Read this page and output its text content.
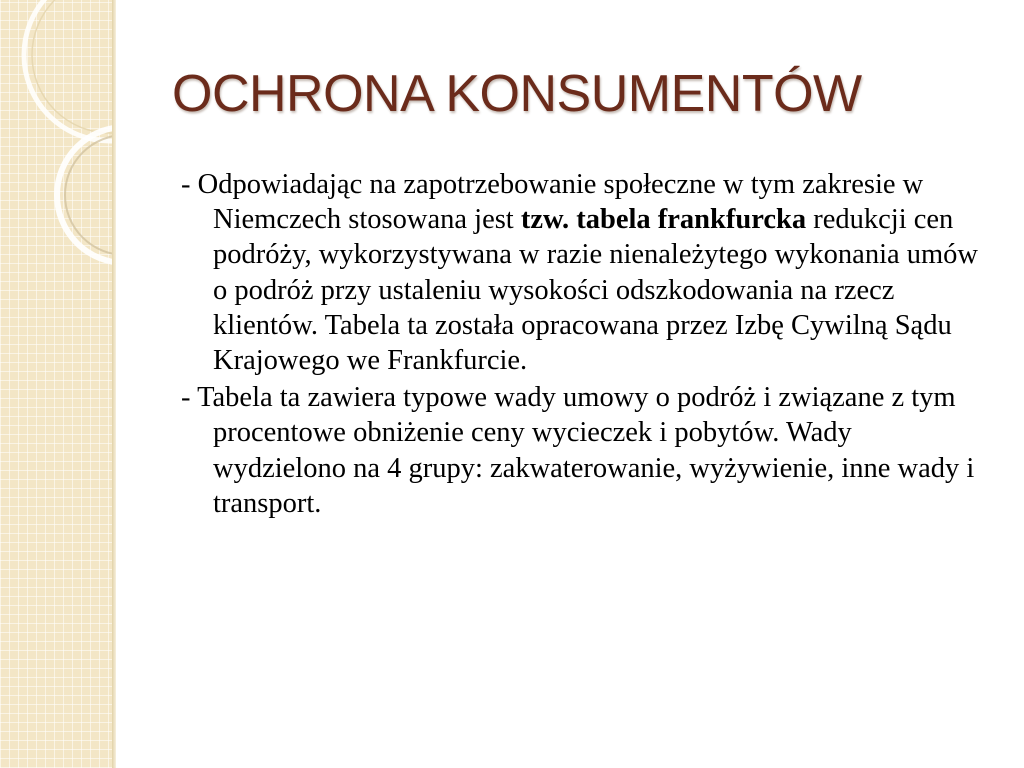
OCHRONA KONSUMENTÓW

- Odpowiadając na zapotrzebowanie społeczne w tym zakresie w Niemczech stosowana jest tzw. tabela frankfurcka redukcji cen podróży, wykorzystywana w razie nienależytego wykonania umów o podróż przy ustaleniu wysokości odszkodowania na rzecz klientów. Tabela ta została opracowana przez Izbę Cywilną Sądu Krajowego we Frankfurcie.

- Tabela ta zawiera typowe wady umowy o podróż i związane z tym procentowe obniżenie ceny wycieczek i pobytów. Wady wydzielono na 4 grupy: zakwaterowanie, wyżywienie, inne wady i transport.
